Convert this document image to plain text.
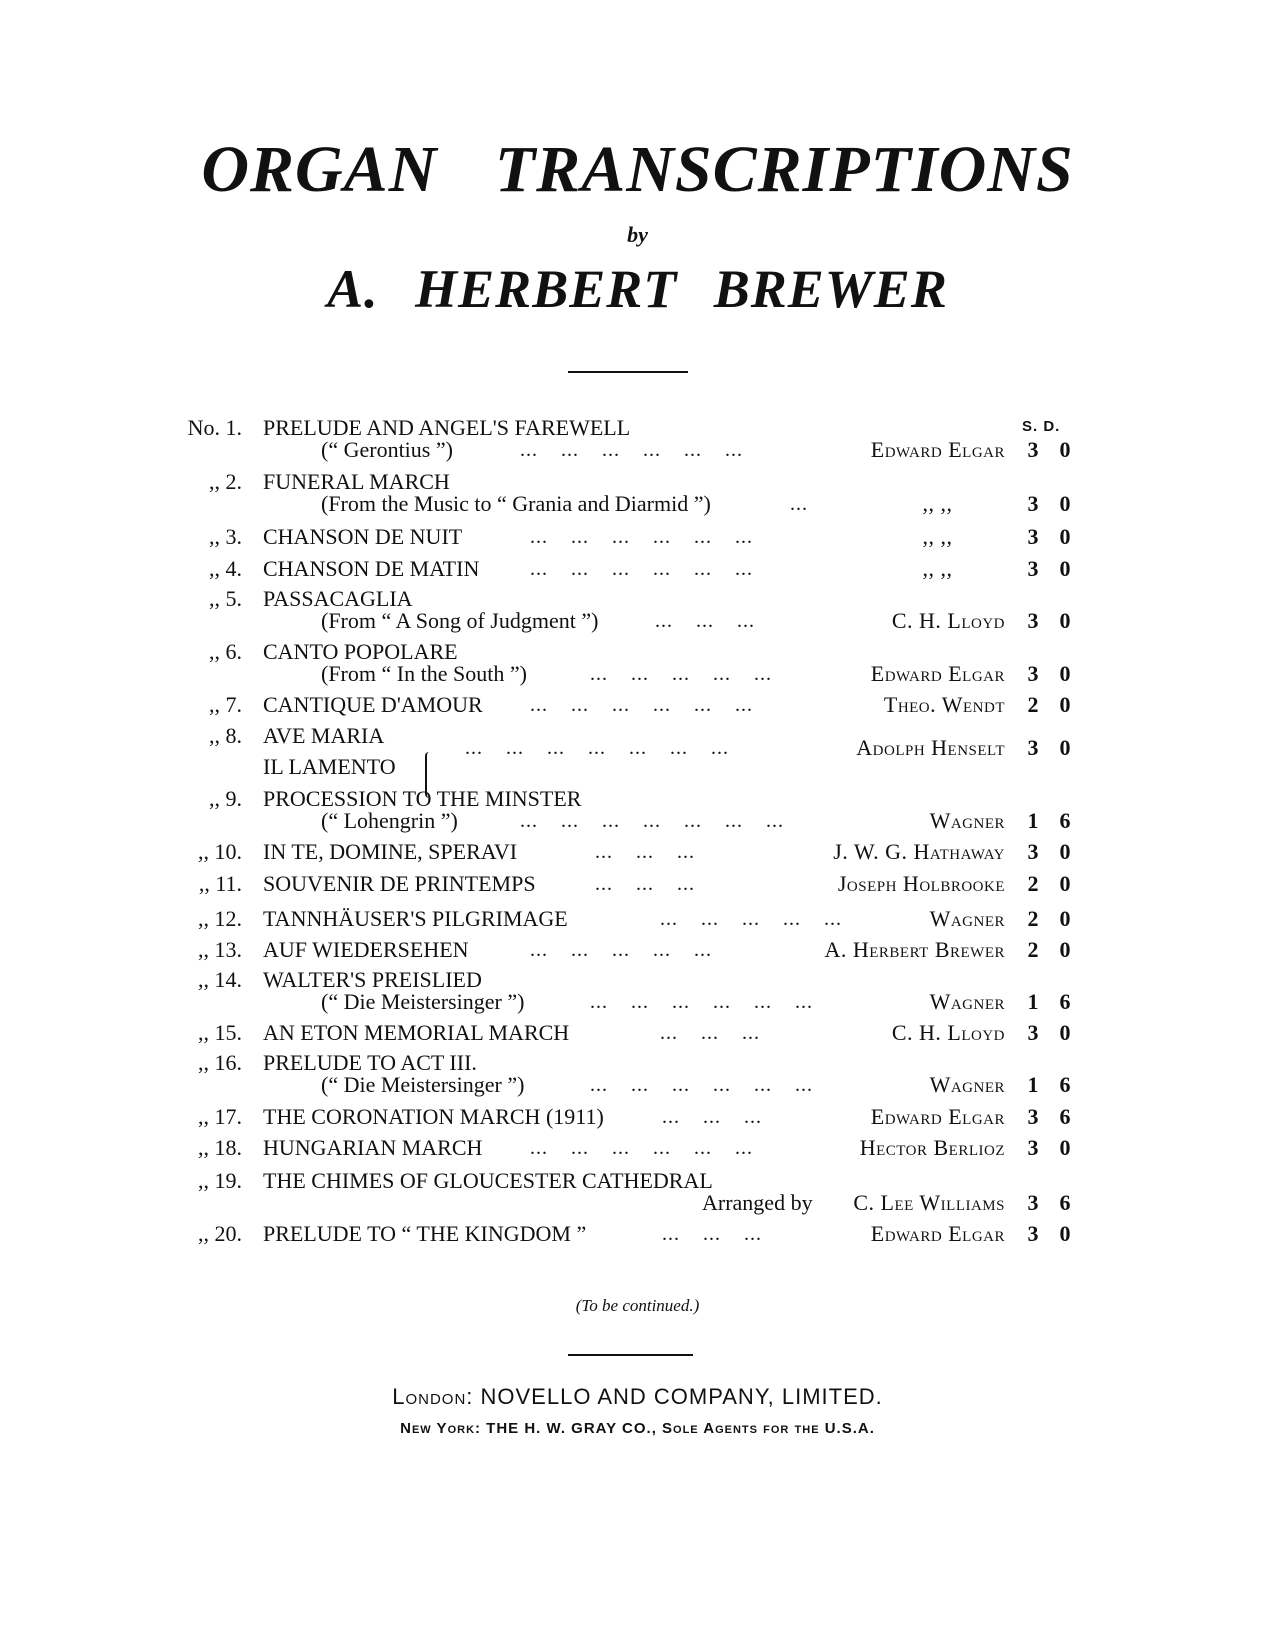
ORGAN TRANSCRIPTIONS
by
A. HERBERT BREWER
S. D.
No. 1. PRELUDE AND ANGEL'S FAREWELL
(“ Gerontius ”)	... ... ... ... ... ...	Edward Elgar 3 0
,, 2. FUNERAL MARCH
(From the Music to “ Grania and Diarmid ”)	...	,, ,,	3 0
,, 3. CHANSON DE NUIT	... ... ... ... ... ...	,, ,,	3 0
,, 4. CHANSON DE MATIN	... ... ... ... ... ...	,, ,,	3 0
,, 5. PASSACAGLIA
(From “ A Song of Judgment ”)	... ... ...	C. H. Lloyd 3 0
,, 6. CANTO POPOLARE
(From “ In the South ”)	... ... ... ... ...	Edward Elgar 3 0
,, 7. CANTIQUE D'AMOUR ... ... ... ... ... ...	Theo. Wendt 2 0
,, 8. AVE MARIA
IL LAMENTO
... ... ... ... ... ... ...	Adolph Henselt 3 0
,, 9. PROCESSION TO THE MINSTER
(“ Lohengrin ”)	... ... ... ... ... ... ...	Wagner 1 6
,, 10. IN TE, DOMINE, SPERAVI	... ... ...	J. W. G. Hathaway 3 0
,, 11. SOUVENIR DE PRINTEMPS	... ... ...	Joseph Holbrooke 2 0
,, 12. TANNHÄUSER'S PILGRIMAGE	... ... ... ... ...	Wagner 2 0
,, 13. AUF WIEDERSEHEN	... ... ... ... ...	A. Herbert Brewer 2 0
,, 14. WALTER'S PREISLIED
(“ Die Meistersinger ”)	... ... ... ... ... ...	Wagner 1 6
,, 15. AN ETON MEMORIAL MARCH	... ... ...	C. H. Lloyd 3 0
,, 16. PRELUDE TO ACT III.
(“ Die Meistersinger ”)	... ... ... ... ... ...	Wagner 1 6
,, 17. THE CORONATION MARCH (1911)	... ... ...	Edward Elgar 3 6
,, 18. HUNGARIAN MARCH ... ... ... ... ... ...	Hector Berlioz 3 0
,, 19. THE CHIMES OF GLOUCESTER CATHEDRAL
Arranged by C. Lee Williams 3 6
,, 20. PRELUDE TO “ THE KINGDOM ”	... ... ...	Edward Elgar 3 0
(To be continued.)
London: NOVELLO AND COMPANY, LIMITED.
New York: THE H. W. GRAY CO., Sole Agents for the U.S.A.
